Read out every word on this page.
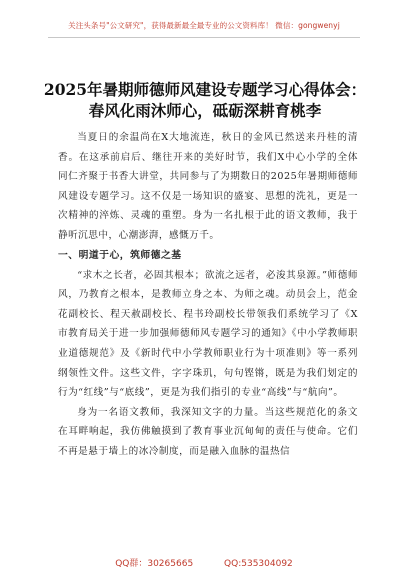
关注头条号"公文研究"，获得最新最全最专业的公文资料库！ 微信：gongwenyj
2025年暑期师德师风建设专题学习心得体会：
春风化雨沐师心，砥砺深耕育桃李

当夏日的余温尚在X大地流连，秋日的金风已然送来丹桂的清香。在这承前启后、继往开来的美好时节，我们X中心小学的全体同仁齐聚于书香大讲堂，共同参与了为期数日的2025年暑期师德师风建设专题学习。这不仅是一场知识的盛宴、思想的洗礼，更是一次精神的淬炼、灵魂的重塑。身为一名扎根于此的语文教师，我于静听沉思中，心潮澎湃，感慨万千。

一、明道于心，筑师德之基

“求木之长者，必固其根本；欲流之远者，必浚其泉源。”师德师风，乃教育之根本，是教师立身之本、为师之魂。动员会上，范金花副校长、程天赦副校长、程书玲副校长带领我们系统学习了《X市教育局关于进一步加强师德师风专题学习的通知》《中小学教师职业道德规范》及《新时代中小学教师职业行为十项准则》等一系列纲领性文件。这些文件，字字珠玑，句句铿锵，既是为我们划定的行为“红线”与“底线”，更是为我们指引的专业“高线”与“航向”。

身为一名语文教师，我深知文字的力量。当这些规范化的条文在耳畔响起，我仿佛触摸到了教育事业沉甸甸的责任与使命。它们不再是悬于墙上的冰冷制度，而是融入血脉的温热信

QQ群：30265665	QQ:535304092
